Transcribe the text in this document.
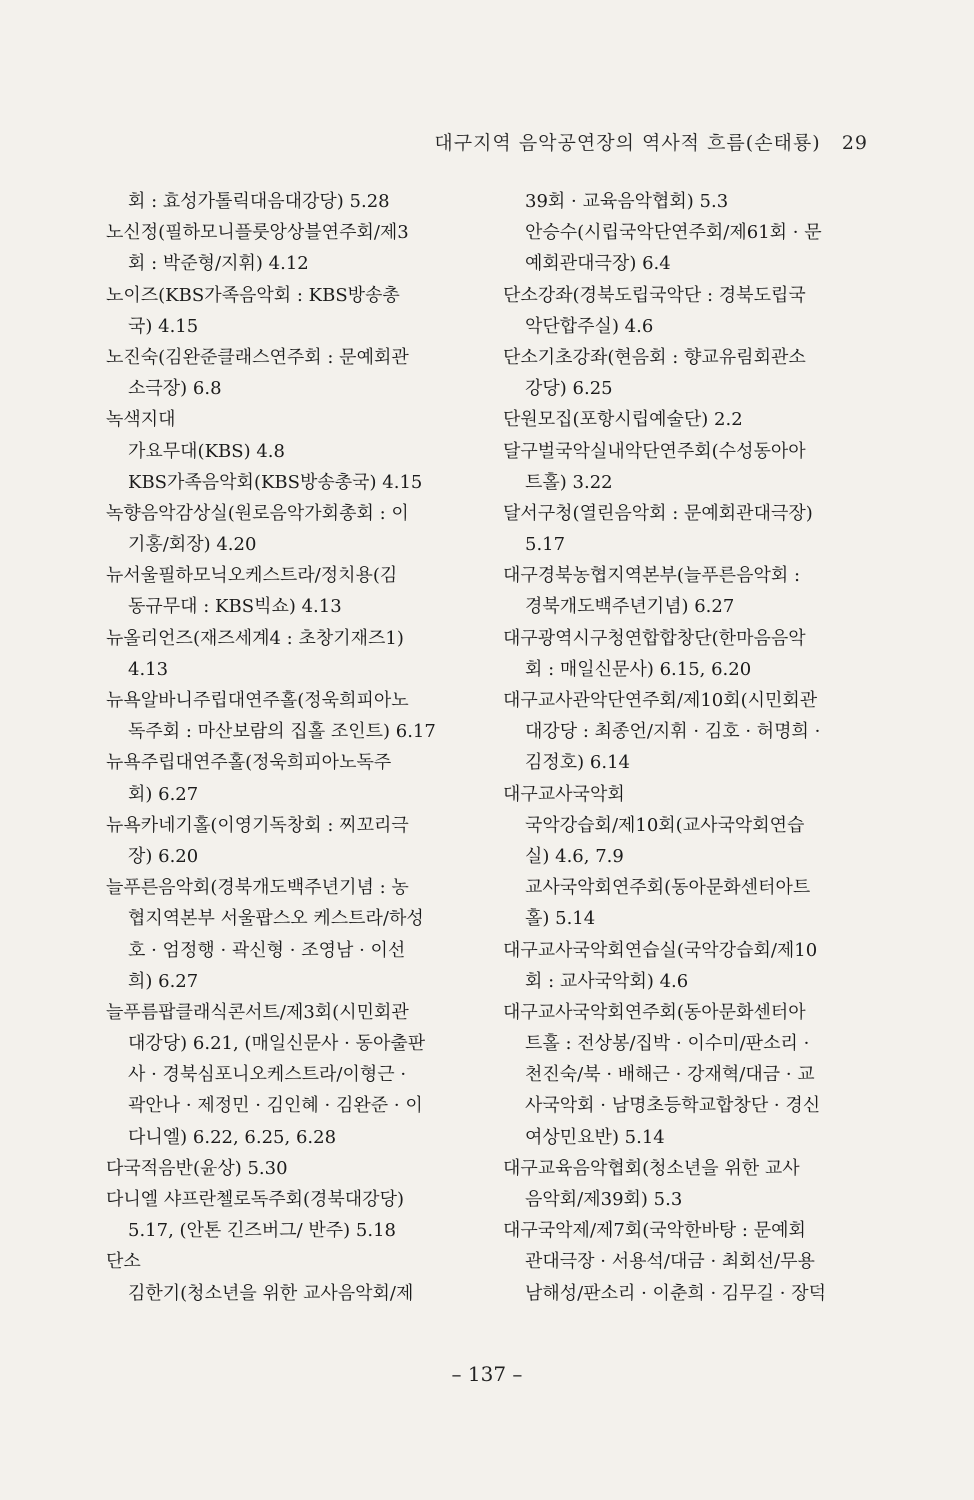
대구지역 음악공연장의 역사적 흐름(손태룡) 29
회 : 효성가톨릭대음대강당) 5.28
노신정(필하모니플룻앙상블연주회/제3
회 : 박준형/지휘) 4.12
노이즈(KBS가족음악회 : KBS방송총
국) 4.15
노진숙(김완준클래스연주회 : 문예회관
소극장) 6.8
녹색지대
가요무대(KBS) 4.8
KBS가족음악회(KBS방송총국) 4.15
녹향음악감상실(원로음악가회총회 : 이
기홍/회장) 4.20
뉴서울필하모닉오케스트라/정치용(김
동규무대 : KBS빅쇼) 4.13
뉴올리언즈(재즈세계4 : 초창기재즈1)
4.13
뉴욕알바니주립대연주홀(정욱희피아노
독주회 : 마산보람의 집홀 조인트) 6.17
뉴욕주립대연주홀(정욱희피아노독주
회) 6.27
뉴욕카네기홀(이영기독창회 : 찌꼬리극
장) 6.20
늘푸른음악회(경북개도백주년기념 : 농
협지역본부 서울팝스오 케스트라/하성
호 · 엄정행 · 곽신형 · 조영남 · 이선
희) 6.27
늘푸름팝클래식콘서트/제3회(시민회관
대강당) 6.21, (매일신문사 · 동아출판
사 · 경북심포니오케스트라/이형근 ·
곽안나 · 제정민 · 김인혜 · 김완준 · 이
다니엘) 6.22, 6.25, 6.28
다국적음반(윤상) 5.30
다니엘 샤프란첼로독주회(경북대강당)
5.17, (안톤 긴즈버그/ 반주) 5.18
단소
김한기(청소년을 위한 교사음악회/제
39회 · 교육음악협회) 5.3
안승수(시립국악단연주회/제61회 · 문
예회관대극장) 6.4
단소강좌(경북도립국악단 : 경북도립국
악단합주실) 4.6
단소기초강좌(현음회 : 향교유림회관소
강당) 6.25
단원모집(포항시립예술단) 2.2
달구벌국악실내악단연주회(수성동아아
트홀) 3.22
달서구청(열린음악회 : 문예회관대극장)
5.17
대구경북농협지역본부(늘푸른음악회 :
경북개도백주년기념) 6.27
대구광역시구청연합합창단(한마음음악
회 : 매일신문사) 6.15, 6.20
대구교사관악단연주회/제10회(시민회관
대강당 : 최종언/지휘 · 김호 · 허명희 ·
김정호) 6.14
대구교사국악회
국악강습회/제10회(교사국악회연습
실) 4.6, 7.9
교사국악회연주회(동아문화센터아트
홀) 5.14
대구교사국악회연습실(국악강습회/제10
회 : 교사국악회) 4.6
대구교사국악회연주회(동아문화센터아
트홀 : 전상봉/집박 · 이수미/판소리 ·
천진숙/북 · 배해근 · 강재혁/대금 · 교
사국악회 · 남명초등학교합창단 · 경신
여상민요반) 5.14
대구교육음악협회(청소년을 위한 교사
음악회/제39회) 5.3
대구국악제/제7회(국악한바탕 : 문예회
관대극장 · 서용석/대금 · 최회선/무용
남해성/판소리 · 이춘희 · 김무길 · 장덕
– 137 –
